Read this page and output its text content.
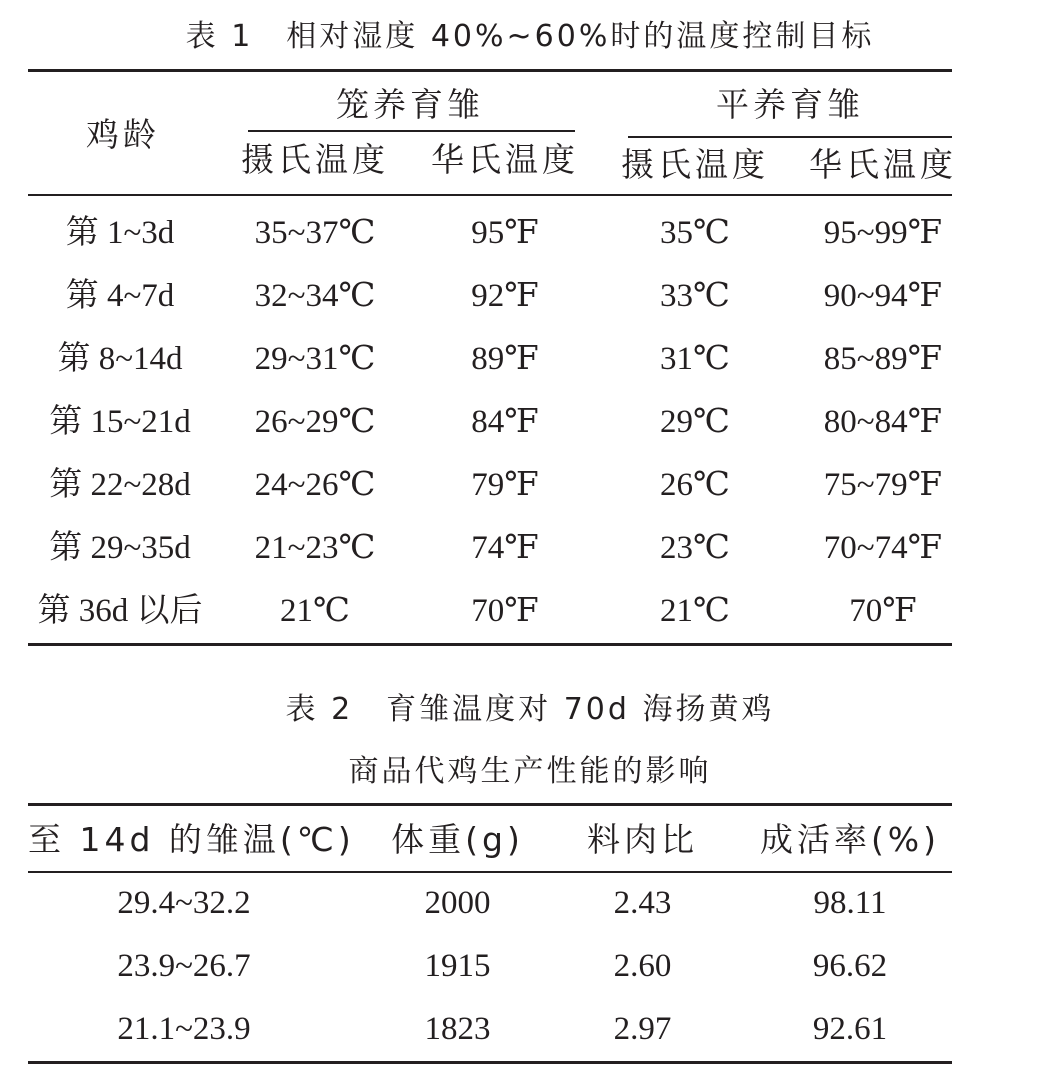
表 1　相对湿度 40%~60%时的温度控制目标
鸡龄
笼养育雏	平养育雏
摄氏温度	华氏温度	摄氏温度	华氏温度
第 1~3d	35~37℃	95℉	35℃	95~99℉
第 4~7d	32~34℃	92℉	33℃	90~94℉
第 8~14d	29~31℃	89℉	31℃	85~89℉
第 15~21d	26~29℃	84℉	29℃	80~84℉
第 22~28d	24~26℃	79℉	26℃	75~79℉
第 29~35d	21~23℃	74℉	23℃	70~74℉
第 36d 以后	21℃	70℉	21℃	70℉
表 2　育雏温度对 70d 海扬黄鸡
商品代鸡生产性能的影响
至 14d 的雏温(℃)	体重(g)	料肉比	成活率(%)
29.4~32.2	2000	2.43	98.11
23.9~26.7	1915	2.60	96.62
21.1~23.9	1823	2.97	92.61
